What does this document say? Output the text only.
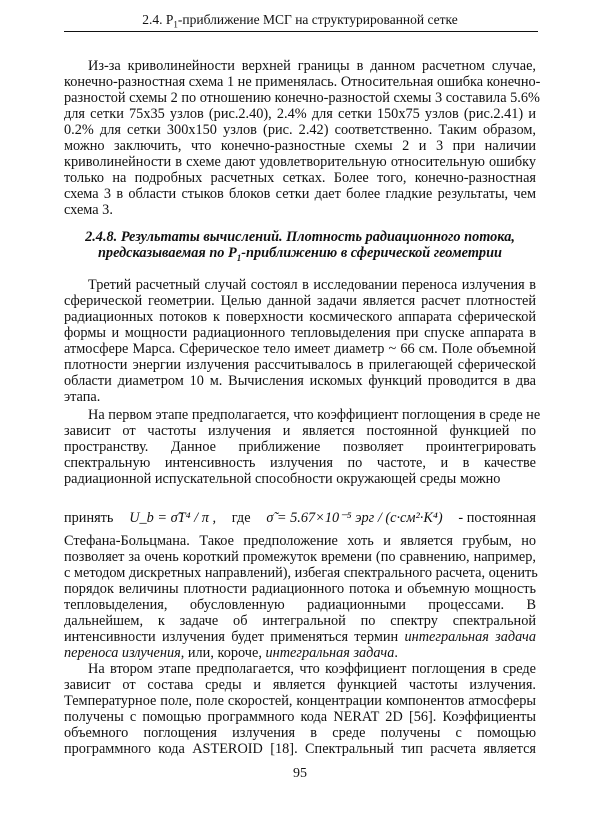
2.4. $P_1$-приближение МСГ на структурированной сетке
Из-за криволинейности верхней границы в данном расчетном случае,
конечно-разностная схема 1 не применялась. Относительная ошибка конечно-
разностой схемы 2 по отношению конечно-разностой схемы 3 составила 5.6%
для сетки 75x35 узлов (рис.2.40), 2.4% для сетки 150x75 узлов (рис.2.41) и
0.2% для сетки 300x150 узлов (рис. 2.42) соответственно. Таким образом,
можно заключить, что конечно-разностные схемы 2 и 3 при наличии
криволинейности в схеме дают удовлетворительную относительную ошибку
только на подробных расчетных сетках. Более того, конечно-разностная
схема 3 в области стыков блоков сетки дает более гладкие результаты, чем
схема 3.
2.4.8. Результаты вычислений. Плотность радиационного потока,
предсказываемая по $P_1$-приближению в сферической геометрии
Третий расчетный случай состоял в исследовании переноса излучения в
сферической геометрии. Целью данной задачи является расчет плотностей
радиационных потоков к поверхности космического аппарата сферической
формы и мощности радиационного тепловыделения при спуске аппарата в
атмосфере Марса. Сферическое тело имеет диаметр ~ 66 см. Поле объемной
плотности энергии излучения рассчитывалось в прилегающей сферической
области диаметром 10 м. Вычисления искомых функций проводится в два
этапа.
На первом этапе предполагается, что коэффициент поглощения в среде не
зависит от частоты излучения и является постоянной функцией по
пространству. Данное приближение позволяет проинтегрировать
спектральную интенсивность излучения по частоте, и в качестве
радиационной испускательной способности окружающей среды можно
принять U_b = σ̃T⁴ / π , где σ̃ = 5.67×10⁻⁵ эрг / (с·см²·K⁴) - постоянная
Стефана-Больцмана. Такое предположение хоть и является грубым, но
позволяет за очень короткий промежуток времени (по сравнению, например,
с методом дискретных направлений), избегая спектрального расчета, оценить
порядок величины плотности радиационного потока и объемную мощность
тепловыделения, обусловленную радиационными процессами. В
дальнейшем, к задаче об интегральной по спектру спектральной
интенсивности излучения будет применяться термин интегральная задача
переноса излучения, или, короче, интегральная задача.
На втором этапе предполагается, что коэффициент поглощения в среде
зависит от состава среды и является функцией частоты излучения.
Температурное поле, поле скоростей, концентрации компонентов атмосферы
получены с помощью программного кода NERAT 2D [56]. Коэффициенты
объемного поглощения излучения в среде получены с помощью
программного кода ASTEROID [18]. Спектральный тип расчета является
95
